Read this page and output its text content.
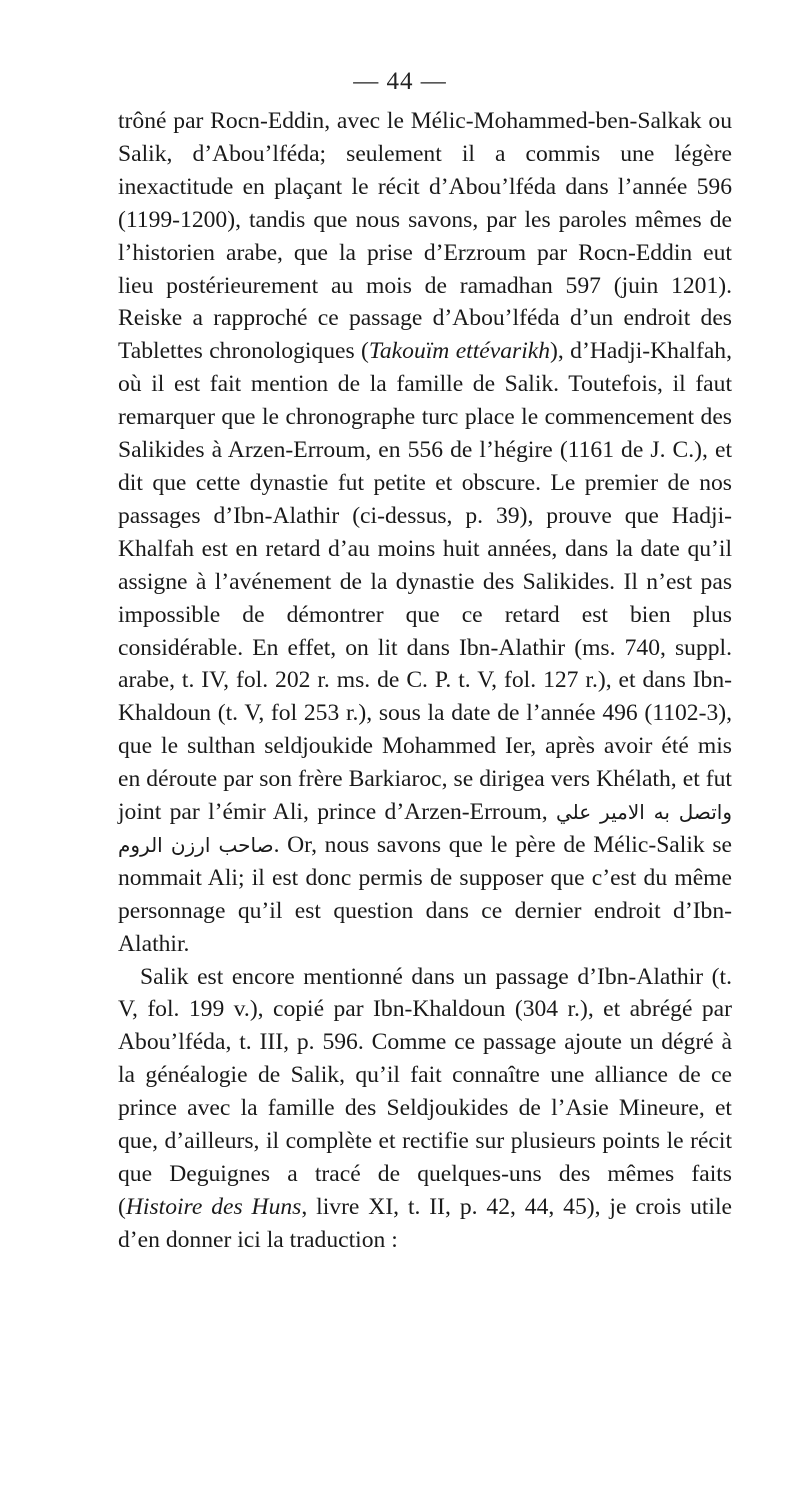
— 44 —

trôné par Rocn-Eddin, avec le Mélic-Mohammed-ben-Salkak ou Salik, d’Abou’lféda; seulement il a commis une légère inexactitude en plaçant le récit d’Abou’lféda dans l’année 596 (1199-1200), tandis que nous savons, par les paroles mêmes de l’historien arabe, que la prise d’Erzroum par Rocn-Eddin eut lieu postérieurement au mois de ramadhan 597 (juin 1201). Reiske a rapproché ce passage d’Abou’lféda d’un endroit des Tablettes chronologiques (Takouïm ettévarikh), d’Hadji-Khalfah, où il est fait mention de la famille de Salik. Toutefois, il faut remarquer que le chronographe turc place le commencement des Salikides à Arzen-Erroum, en 556 de l’hégire (1161 de J. C.), et dit que cette dynastie fut petite et obscure. Le premier de nos passages d’Ibn-Alathir (ci-dessus, p. 39), prouve que Hadji-Khalfah est en retard d’au moins huit années, dans la date qu’il assigne à l’avénement de la dynastie des Salikides. Il n’est pas impossible de démontrer que ce retard est bien plus considérable. En effet, on lit dans Ibn-Alathir (ms. 740, suppl. arabe, t. IV, fol. 202 r. ms. de C. P. t. V, fol. 127 r.), et dans Ibn-Khaldoun (t. V, fol 253 r.), sous la date de l’année 496 (1102-3), que le sulthan seldjoukide Mohammed Ier, après avoir été mis en déroute par son frère Barkiaroc, se dirigea vers Khélath, et fut joint par l’émir Ali, prince d’Arzen-Erroum, واتصل به الامير علي صاحب ارزن الروم. Or, nous savons que le père de Mélic-Salik se nommait Ali; il est donc permis de supposer que c’est du même personnage qu’il est question dans ce dernier endroit d’Ibn-Alathir.

Salik est encore mentionné dans un passage d’Ibn-Alathir (t. V, fol. 199 v.), copié par Ibn-Khaldoun (304 r.), et abrégé par Abou’lféda, t. III, p. 596. Comme ce passage ajoute un dégré à la généalogie de Salik, qu’il fait connaître une alliance de ce prince avec la famille des Seldjoukides de l’Asie Mineure, et que, d’ailleurs, il complète et rectifie sur plusieurs points le récit que Deguignes a tracé de quelques-uns des mêmes faits (Histoire des Huns, livre XI, t. II, p. 42, 44, 45), je crois utile d’en donner ici la traduction :
